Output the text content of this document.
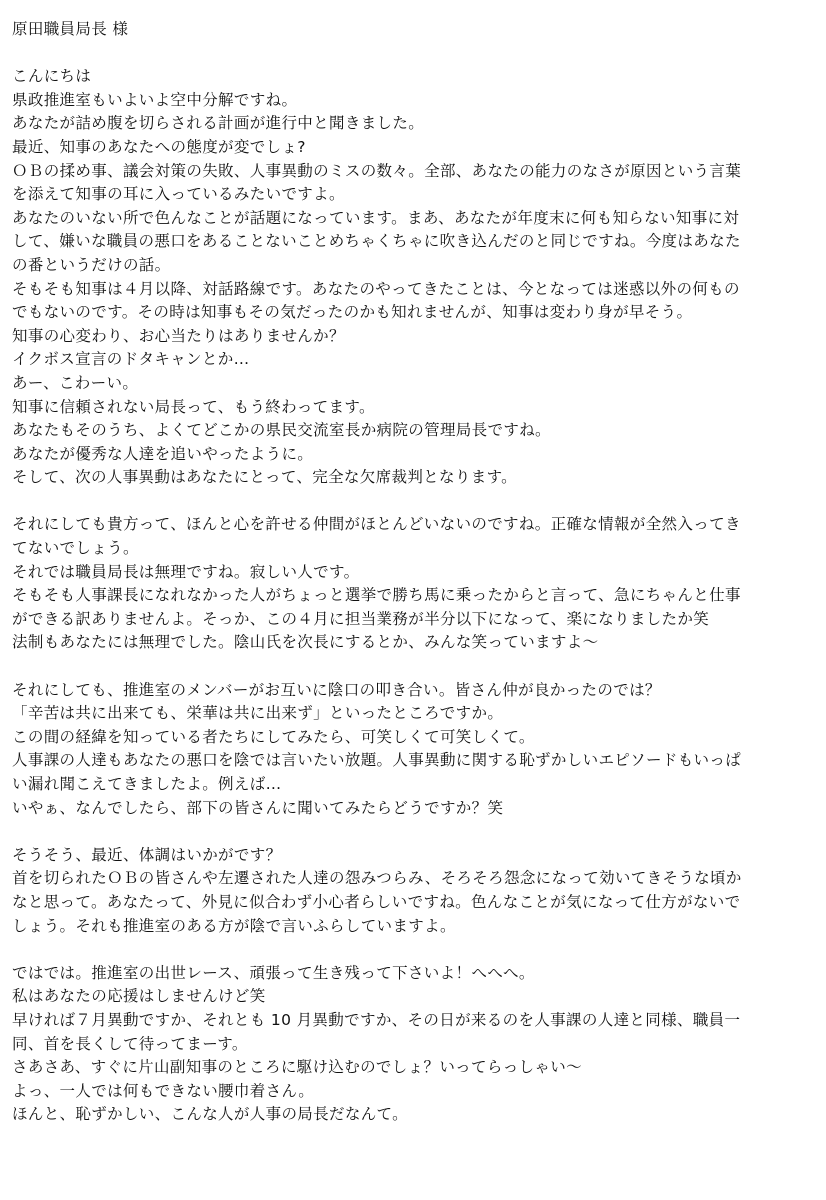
原田職員局長 様
こんにちは
県政推進室もいよいよ空中分解ですね。
あなたが詰め腹を切らされる計画が進行中と聞きました。
最近、知事のあなたへの態度が変でしょ?
ＯＢの揉め事、議会対策の失敗、人事異動のミスの数々。全部、あなたの能力のなさが原因という言葉
を添えて知事の耳に入っているみたいですよ。
あなたのいない所で色んなことが話題になっています。まあ、あなたが年度末に何も知らない知事に対
して、嫌いな職員の悪口をあることないことめちゃくちゃに吹き込んだのと同じですね。今度はあなた
の番というだけの話。
そもそも知事は４月以降、対話路線です。あなたのやってきたことは、今となっては迷惑以外の何もの
でもないのです。その時は知事もその気だったのかも知れませんが、知事は変わり身が早そう。
知事の心変わり、お心当たりはありませんか？
イクボス宣言のドタキャンとか…
あー、こわーい。
知事に信頼されない局長って、もう終わってます。
あなたもそのうち、よくてどこかの県民交流室長か病院の管理局長ですね。
あなたが優秀な人達を追いやったように。
そして、次の人事異動はあなたにとって、完全な欠席裁判となります。
それにしても貴方って、ほんと心を許せる仲間がほとんどいないのですね。正確な情報が全然入ってき
てないでしょう。
それでは職員局長は無理ですね。寂しい人です。
そもそも人事課長になれなかった人がちょっと選挙で勝ち馬に乗ったからと言って、急にちゃんと仕事
ができる訳ありませんよ。そっか、この４月に担当業務が半分以下になって、楽になりましたか笑
法制もあなたには無理でした。陰山氏を次長にするとか、みんな笑っていますよ～
それにしても、推進室のメンバーがお互いに陰口の叩き合い。皆さん仲が良かったのでは？
「辛苦は共に出来ても、栄華は共に出来ず」といったところですか。
この間の経緯を知っている者たちにしてみたら、可笑しくて可笑しくて。
人事課の人達もあなたの悪口を陰では言いたい放題。人事異動に関する恥ずかしいエピソードもいっぱ
い漏れ聞こえてきましたよ。例えば…
いやぁ、なんでしたら、部下の皆さんに聞いてみたらどうですか？笑
そうそう、最近、体調はいかがです？
首を切られたＯＢの皆さんや左遷された人達の怨みつらみ、そろそろ怨念になって効いてきそうな頃か
なと思って。あなたって、外見に似合わず小心者らしいですね。色んなことが気になって仕方がないで
しょう。それも推進室のある方が陰で言いふらしていますよ。
ではでは。推進室の出世レース、頑張って生き残って下さいよ！へへへ。
私はあなたの応援はしませんけど笑
早ければ７月異動ですか、それとも 10 月異動ですか、その日が来るのを人事課の人達と同様、職員一
同、首を長くして待ってまーす。
さあさあ、すぐに片山副知事のところに駆け込むのでしょ？いってらっしゃい～
よっ、一人では何もできない腰巾着さん。
ほんと、恥ずかしい、こんな人が人事の局長だなんて。
